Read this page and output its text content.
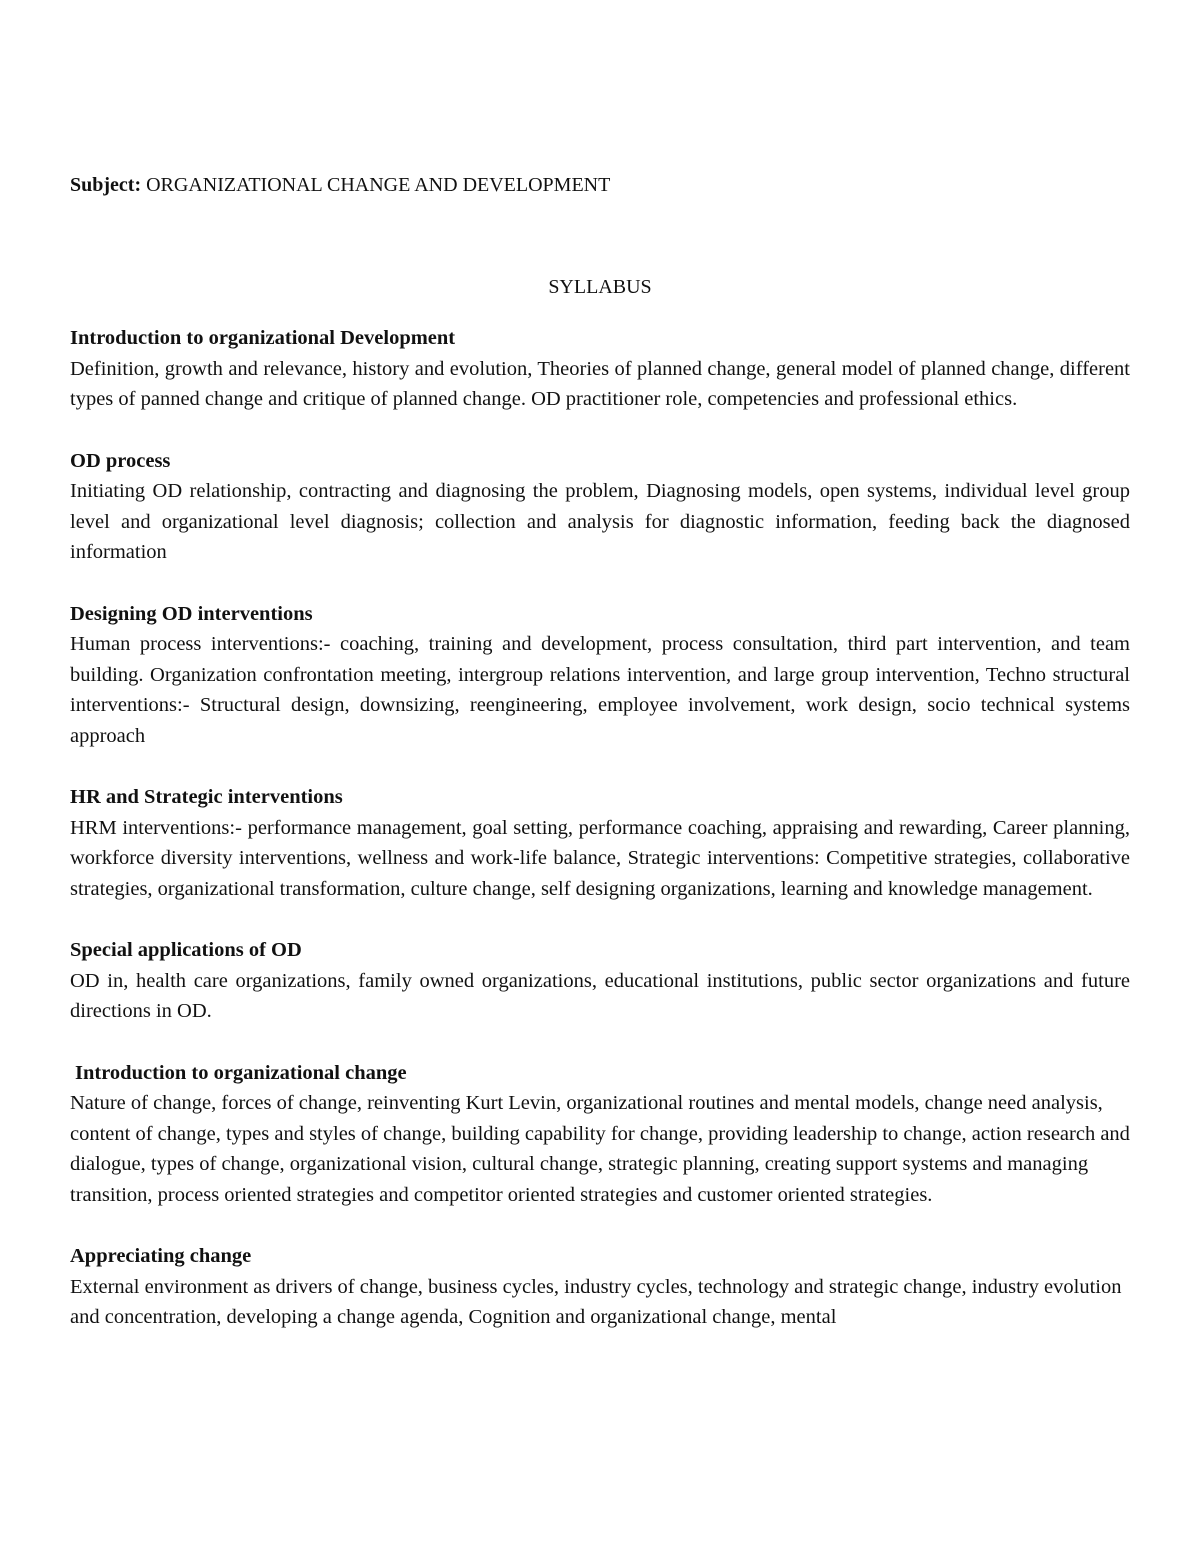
Subject: ORGANIZATIONAL CHANGE AND DEVELOPMENT
SYLLABUS
Introduction to organizational Development

Definition, growth and relevance, history and evolution, Theories of planned change, general model of planned change, different types of panned change and critique of planned change. OD practitioner role, competencies and professional ethics.

OD process

Initiating OD relationship, contracting and diagnosing the problem, Diagnosing models, open systems, individual level group level and organizational level diagnosis; collection and analysis for diagnostic information, feeding back the diagnosed information

Designing OD interventions

Human process interventions:- coaching, training and development, process consultation, third part intervention, and team building. Organization confrontation meeting, intergroup relations intervention, and large group intervention, Techno structural interventions:- Structural design, downsizing, reengineering, employee involvement, work design, socio technical systems approach

HR and Strategic interventions

HRM interventions:- performance management, goal setting, performance coaching, appraising and rewarding, Career planning, workforce diversity interventions, wellness and work-life balance, Strategic interventions: Competitive strategies, collaborative strategies, organizational transformation, culture change, self designing organizations, learning and knowledge management.

Special applications of OD

OD in, health care organizations, family owned organizations, educational institutions, public sector organizations and future directions in OD.

Introduction to organizational change

Nature of change, forces of change, reinventing Kurt Levin, organizational routines and mental models, change need analysis, content of change, types and styles of change, building capability for change, providing leadership to change, action research and dialogue, types of change, organizational vision, cultural change, strategic planning, creating support systems and managing transition, process oriented strategies and competitor oriented strategies and customer oriented strategies.

Appreciating change

External environment as drivers of change, business cycles, industry cycles, technology and strategic change, industry evolution and concentration, developing a change agenda, Cognition and organizational change, mental
